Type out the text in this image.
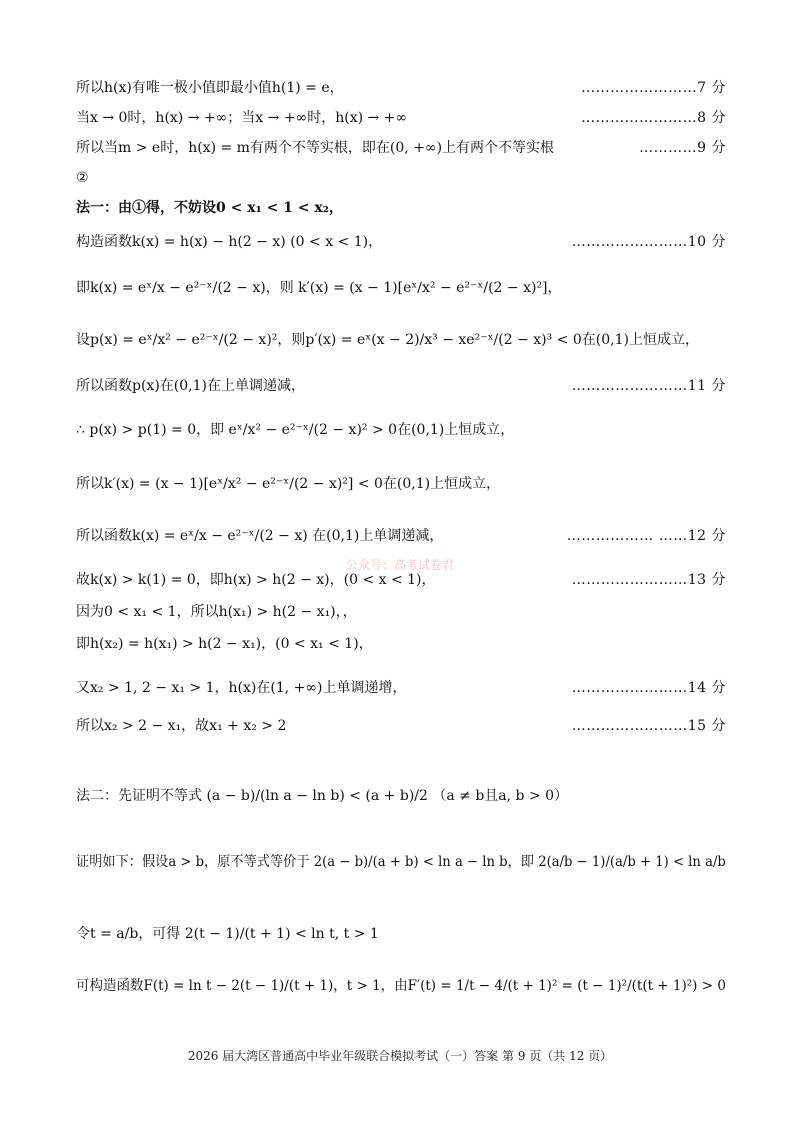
所以h(x)有唯一极小值即最小值h(1) = e，	……………………7 分
当x → 0时，h(x) → +∞；当x → +∞时，h(x) → +∞	……………………8 分
所以当m > e时，h(x) = m有两个不等实根，即在(0, +∞)上有两个不等实根	…………9 分
②
法一：由①得，不妨设0 < x₁ < 1 < x₂，
构造函数k(x) = h(x) − h(2 − x) (0 < x < 1)，	……………………10 分
即k(x) = eˣ/x − e²⁻ˣ/(2 − x)，则 k′(x) = (x − 1)[eˣ/x² − e²⁻ˣ/(2 − x)²]，
设p(x) = eˣ/x² − e²⁻ˣ/(2 − x)²，则p′(x) = eˣ(x − 2)/x³ − xe²⁻ˣ/(2 − x)³ < 0在(0,1)上恒成立，
所以函数p(x)在(0,1)在上单调递减，	……………………11 分
∴ p(x) > p(1) = 0，即 eˣ/x² − e²⁻ˣ/(2 − x)² > 0在(0,1)上恒成立，
所以k′(x) = (x − 1)[eˣ/x² − e²⁻ˣ/(2 − x)²] < 0在(0,1)上恒成立，
所以函数k(x) = eˣ/x − e²⁻ˣ/(2 − x) 在(0,1)上单调递减，	……………… ……12 分
故k(x) > k(1) = 0，即h(x) > h(2 − x)，(0 < x < 1)，	……………………13 分
因为0 < x₁ < 1，所以h(x₁) > h(2 − x₁)，，
即h(x₂) = h(x₁) > h(2 − x₁)，(0 < x₁ < 1)，
又x₂ > 1, 2 − x₁ > 1，h(x)在(1, +∞)上单调递增，	……………………14 分
所以x₂ > 2 − x₁，故x₁ + x₂ > 2	……………………15 分
法二：先证明不等式 (a − b)/(ln a − ln b) < (a + b)/2 （a ≠ b且a, b > 0）
证明如下：假设a > b，原不等式等价于 2(a − b)/(a + b) < ln a − ln b，即 2(a/b − 1)/(a/b + 1) < ln a/b
令t = a/b，可得 2(t − 1)/(t + 1) < ln t, t > 1
可构造函数F(t) = ln t − 2(t − 1)/(t + 1)，t > 1，由F′(t) = 1/t − 4/(t + 1)² = (t − 1)²/(t(t + 1)²) > 0
公众号：高考试卷君
2026 届大湾区普通高中毕业年级联合模拟考试（一）答案 第 9 页（共 12 页）
